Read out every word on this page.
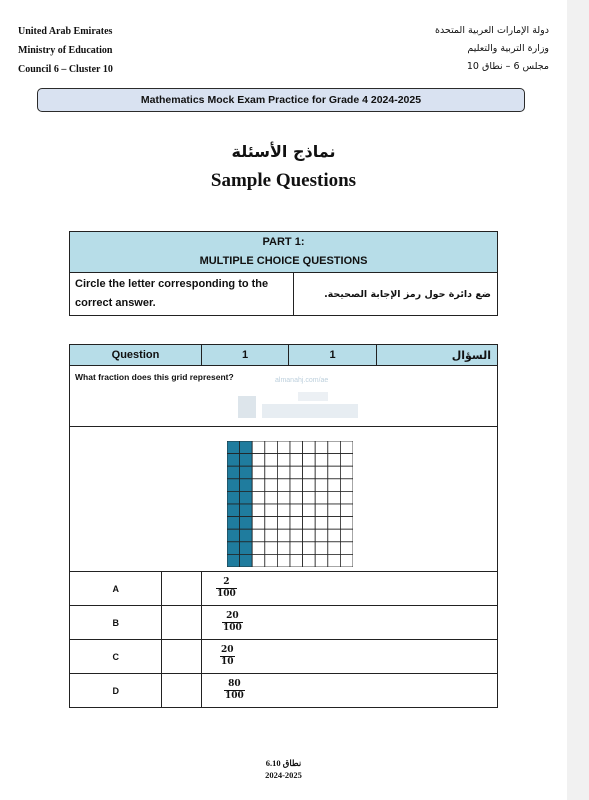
United Arab Emirates
Ministry of Education
Council 6 – Cluster 10
دولة الإمارات العربية المتحدة
وزارة التربية والتعليم
مجلس 6 – نطاق 10
Mathematics Mock Exam Practice for Grade 4 2024-2025
نماذج الأسئلة
Sample Questions
PART 1:
MULTIPLE CHOICE QUESTIONS

Circle the letter corresponding to the correct answer.	ضع دائرة حول رمز الإجابة الصحيحة.
Question		1	1	السؤال
What fraction does this grid represent?				

A		$\frac{2}{100}$

B		$\frac{20}{100}$

C		$\frac{20}{10}$

D		$\frac{80}{100}$
almanahj.com/ae
نطاق 6.10
2024-2025
